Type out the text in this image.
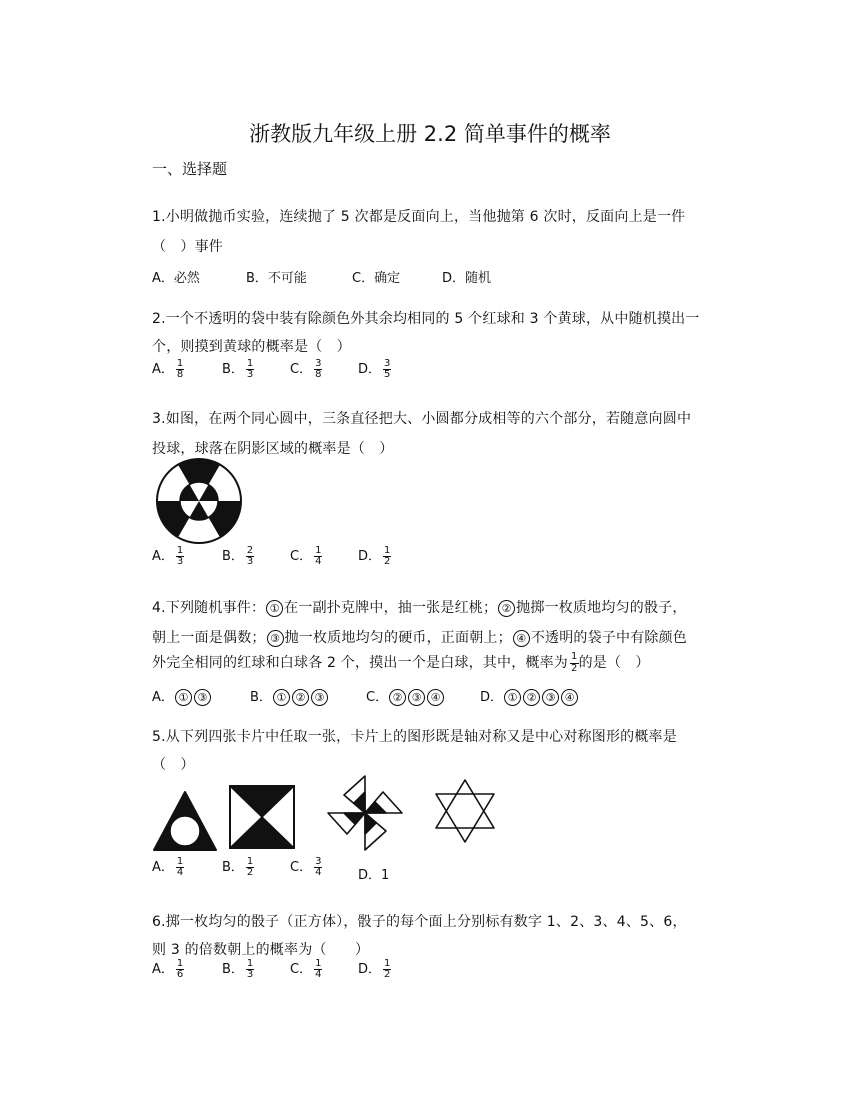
浙教版九年级上册 2.2 简单事件的概率
一、选择题
1.小明做抛币实验，连续抛了 5 次都是反面向上，当他抛第 6 次时，反面向上是一件
（　）事件
A．必然	B．不可能	C．确定	D．随机
2.一个不透明的袋中装有除颜色外其余均相同的 5 个红球和 3 个黄球，从中随机摸出一
个，则摸到黄球的概率是（　）
A． $\frac{1}{8}$	B． $\frac{1}{3}$	C． $\frac{3}{8}$	D． $\frac{3}{5}$
3.如图，在两个同心圆中，三条直径把大、小圆都分成相等的六个部分，若随意向圆中
投球，球落在阴影区域的概率是（　）
A． $\frac{1}{3}$	B． $\frac{2}{3}$	C． $\frac{1}{4}$	D． $\frac{1}{2}$
4.下列随机事件： ① 在一副扑克牌中，抽一张是红桃； ② 抛掷一枚质地均匀的骰子，
朝上一面是偶数； ③ 抛一枚质地均匀的硬币，正面朝上； ④ 不透明的袋子中有除颜色
外完全相同的红球和白球各 2 个，摸出一个是白球，其中，概率为 $\frac{1}{2}$ 的是（　）
A． ① ③	B． ① ② ③	C． ② ③ ④	D． ① ② ③ ④
5.从下列四张卡片中任取一张，卡片上的图形既是轴对称又是中心对称图形的概率是
（　）
A． $\frac{1}{4}$	B． $\frac{1}{2}$	C． $\frac{3}{4}$	D．1
6.掷一枚均匀的骰子（正方体），骰子的每个面上分别标有数字 1、2、3、4、5、6，
则 3 的倍数朝上的概率为（　　）
A． $\frac{1}{6}$	B． $\frac{1}{3}$	C． $\frac{1}{4}$	D． $\frac{1}{2}$
